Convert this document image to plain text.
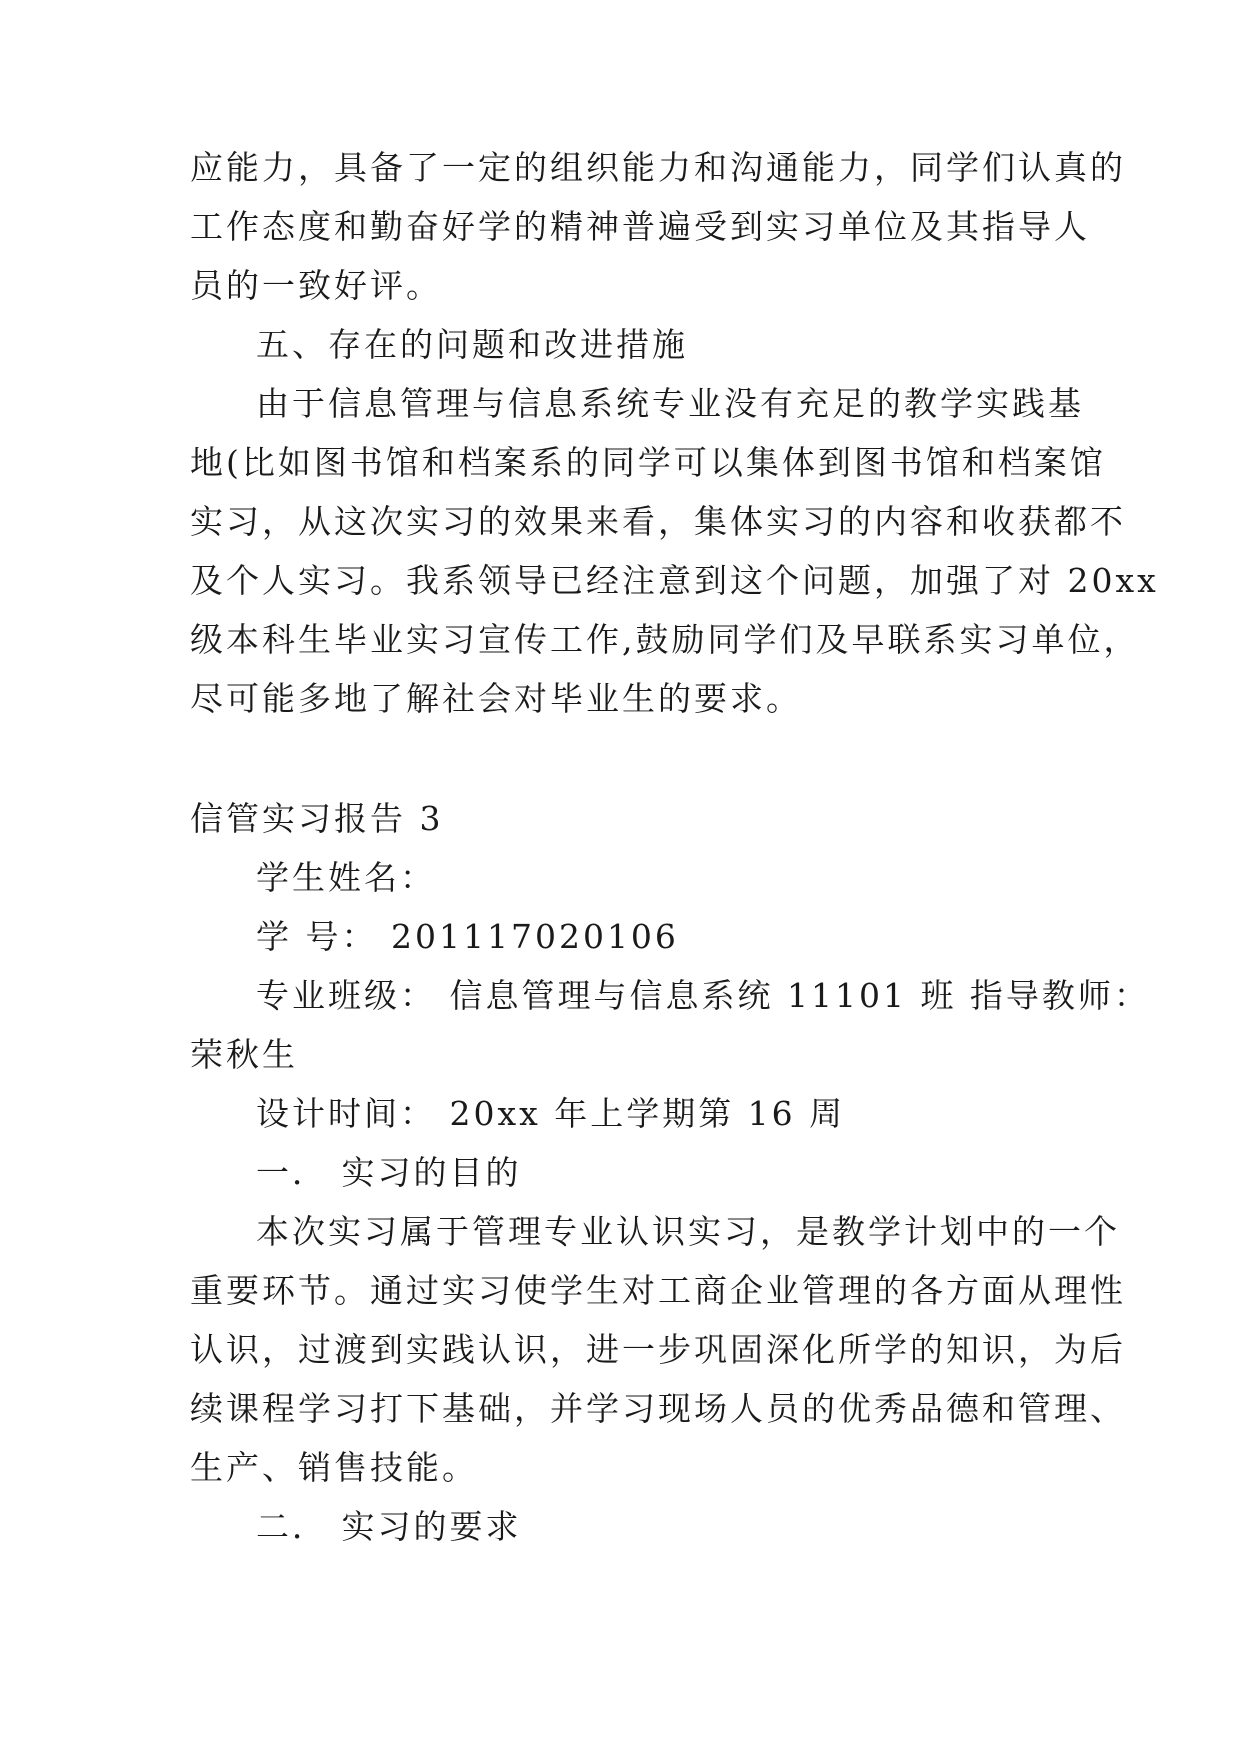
应能力，具备了一定的组织能力和沟通能力，同学们认真的
工作态度和勤奋好学的精神普遍受到实习单位及其指导人
员的一致好评。
五、存在的问题和改进措施
由于信息管理与信息系统专业没有充足的教学实践基
地(比如图书馆和档案系的同学可以集体到图书馆和档案馆
实习，从这次实习的效果来看，集体实习的内容和收获都不
及个人实习。我系领导已经注意到这个问题，加强了对 20xx
级本科生毕业实习宣传工作,鼓励同学们及早联系实习单位，
尽可能多地了解社会对毕业生的要求。
信管实习报告 3
学生姓名：
学 号： 201117020106
专业班级： 信息管理与信息系统 11101 班 指导教师：
荣秋生
设计时间： 20xx 年上学期第 16 周
一． 实习的目的
本次实习属于管理专业认识实习，是教学计划中的一个
重要环节。通过实习使学生对工商企业管理的各方面从理性
认识，过渡到实践认识，进一步巩固深化所学的知识，为后
续课程学习打下基础，并学习现场人员的优秀品德和管理、
生产、销售技能。
二． 实习的要求
